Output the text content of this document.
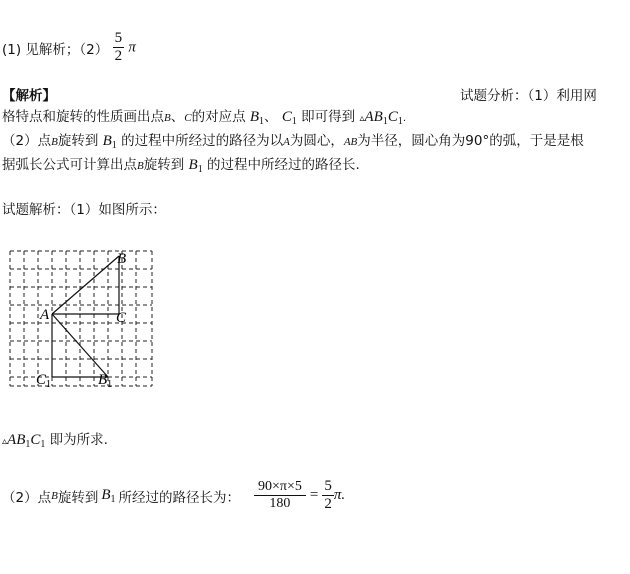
(1) 见解析；$(2) \frac{5}{2}$ π
【解析】	试题分析：（1）利用网
格特点和旋转的性质画出点B、C的对应点 $B_1$、 $C_1$ 即可得到 $▵AB_1C_1$.
（2）点B旋转到 $B_1$ 的过程中所经过的路径为以A为圆心，AB为半径，圆心角为90°的弧，于是是根
据弧长公式可计算出点B旋转到 $B_1$ 的过程中所经过的路径长.
试题解析：（1）如图所示：
A
B
C
$C_1$	$B_1$
$▵AB_1C_1$ 即为所求.
（2）点 B 旋转到 $B_1$ 所经过的路径长为： $\frac{90\times\pi\times 5}{180} = \frac{5}{2} \pi$.
